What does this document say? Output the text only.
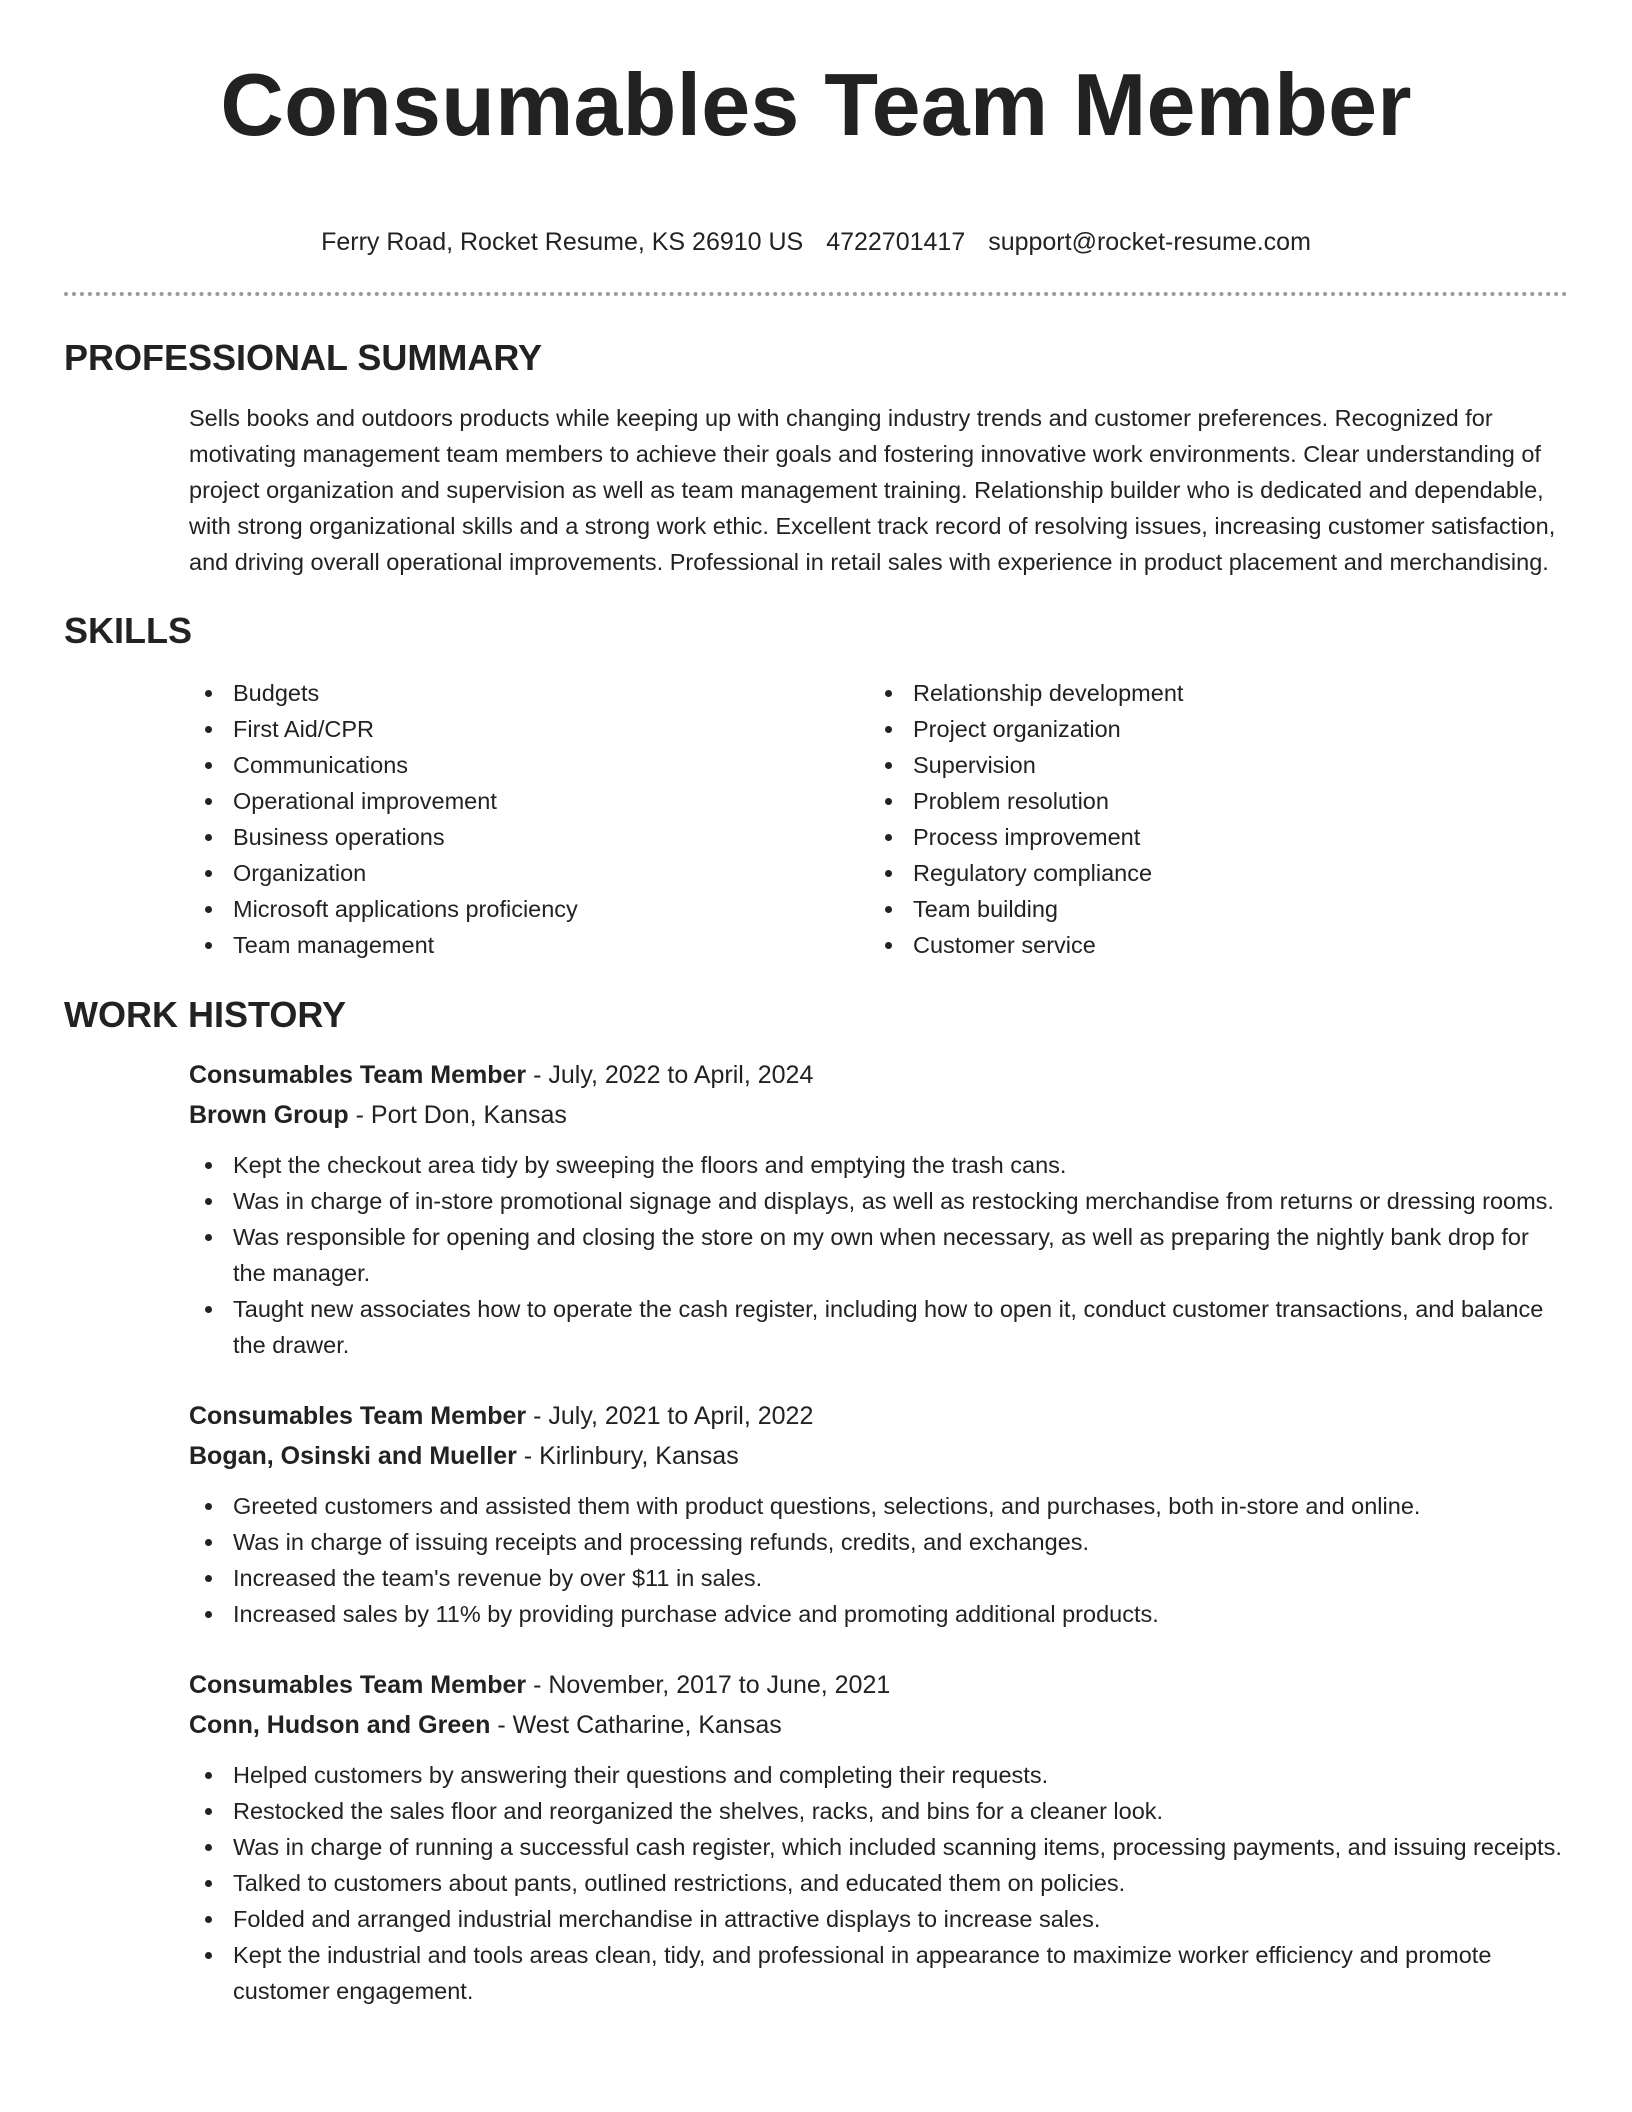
Consumables Team Member
Ferry Road, Rocket Resume, KS 26910 US 4722701417 support@rocket-resume.com
PROFESSIONAL SUMMARY

Sells books and outdoors products while keeping up with changing industry trends and customer preferences. Recognized for motivating management team members to achieve their goals and fostering innovative work environments. Clear understanding of project organization and supervision as well as team management training. Relationship builder who is dedicated and dependable, with strong organizational skills and a strong work ethic. Excellent track record of resolving issues, increasing customer satisfaction, and driving overall operational improvements. Professional in retail sales with experience in product placement and merchandising.

SKILLS
Budgets
First Aid/CPR
Communications
Operational improvement
Business operations
Organization
Microsoft applications proficiency
Team management
Relationship development
Project organization
Supervision
Problem resolution
Process improvement
Regulatory compliance
Team building
Customer service
WORK HISTORY
Consumables Team Member - July, 2022 to April, 2024
Brown Group - Port Don, Kansas
Kept the checkout area tidy by sweeping the floors and emptying the trash cans.
Was in charge of in-store promotional signage and displays, as well as restocking merchandise from returns or dressing rooms.
Was responsible for opening and closing the store on my own when necessary, as well as preparing the nightly bank drop for the manager.
Taught new associates how to operate the cash register, including how to open it, conduct customer transactions, and balance the drawer.
Consumables Team Member - July, 2021 to April, 2022
Bogan, Osinski and Mueller - Kirlinbury, Kansas
Greeted customers and assisted them with product questions, selections, and purchases, both in-store and online.
Was in charge of issuing receipts and processing refunds, credits, and exchanges.
Increased the team's revenue by over $11 in sales.
Increased sales by 11% by providing purchase advice and promoting additional products.
Consumables Team Member - November, 2017 to June, 2021
Conn, Hudson and Green - West Catharine, Kansas
Helped customers by answering their questions and completing their requests.
Restocked the sales floor and reorganized the shelves, racks, and bins for a cleaner look.
Was in charge of running a successful cash register, which included scanning items, processing payments, and issuing receipts.
Talked to customers about pants, outlined restrictions, and educated them on policies.
Folded and arranged industrial merchandise in attractive displays to increase sales.
Kept the industrial and tools areas clean, tidy, and professional in appearance to maximize worker efficiency and promote customer engagement.
